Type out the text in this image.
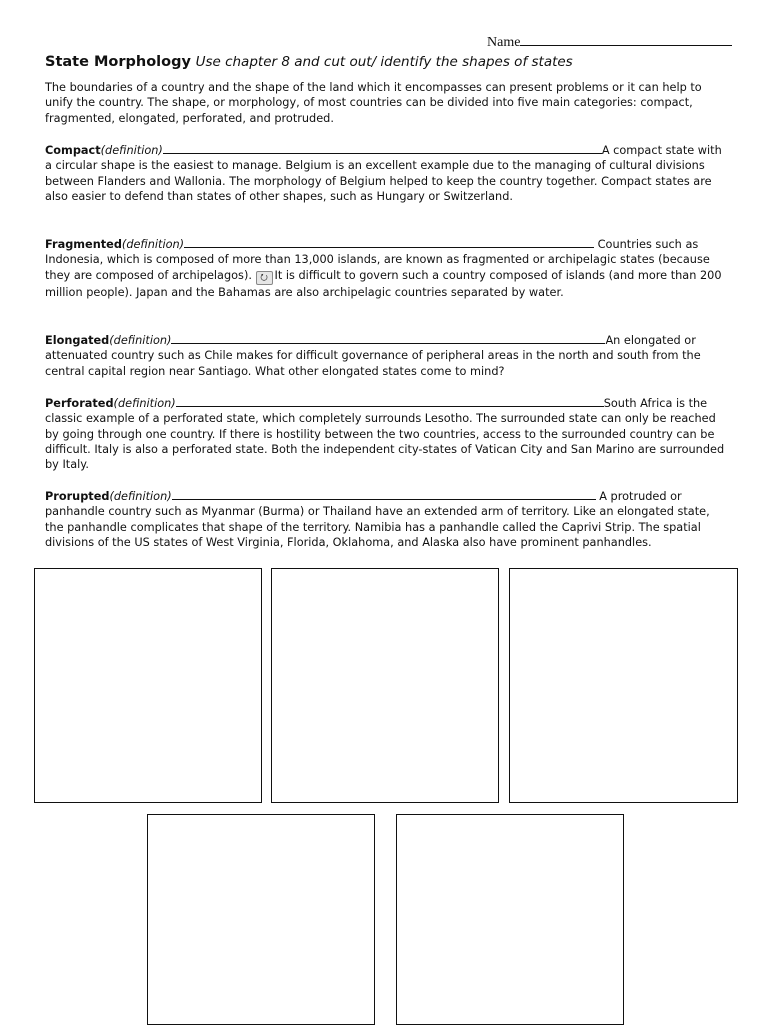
Name
State Morphology Use chapter 8 and cut out/ identify the shapes of states
The boundaries of a country and the shape of the land which it encompasses can present problems or it can help to unify the country. The shape, or morphology, of most countries can be divided into five main categories: compact, fragmented, elongated, perforated, and protruded.
Compact(definition)	A compact state with a circular shape is the easiest to manage. Belgium is an excellent example due to the managing of cultural divisions between Flanders and Wallonia. The morphology of Belgium helped to keep the country together. Compact states are also easier to defend than states of other shapes, such as Hungary or Switzerland.
Fragmented(definition)	Countries such as Indonesia, which is composed of more than 13,000 islands, are known as fragmented or archipelagic states (because they are composed of archipelagos). ⭮ It is difficult to govern such a country composed of islands (and more than 200 million people). Japan and the Bahamas are also archipelagic countries separated by water.
Elongated(definition)	An elongated or attenuated country such as Chile makes for difficult governance of peripheral areas in the north and south from the central capital region near Santiago. What other elongated states come to mind?
Perforated(definition)	South Africa is the classic example of a perforated state, which completely surrounds Lesotho. The surrounded state can only be reached by going through one country. If there is hostility between the two countries, access to the surrounded country can be difficult. Italy is also a perforated state. Both the independent city-states of Vatican City and San Marino are surrounded by Italy.
Prorupted(definition)	A protruded or panhandle country such as Myanmar (Burma) or Thailand have an extended arm of territory. Like an elongated state, the panhandle complicates that shape of the territory. Namibia has a panhandle called the Caprivi Strip. The spatial divisions of the US states of West Virginia, Florida, Oklahoma, and Alaska also have prominent panhandles.
